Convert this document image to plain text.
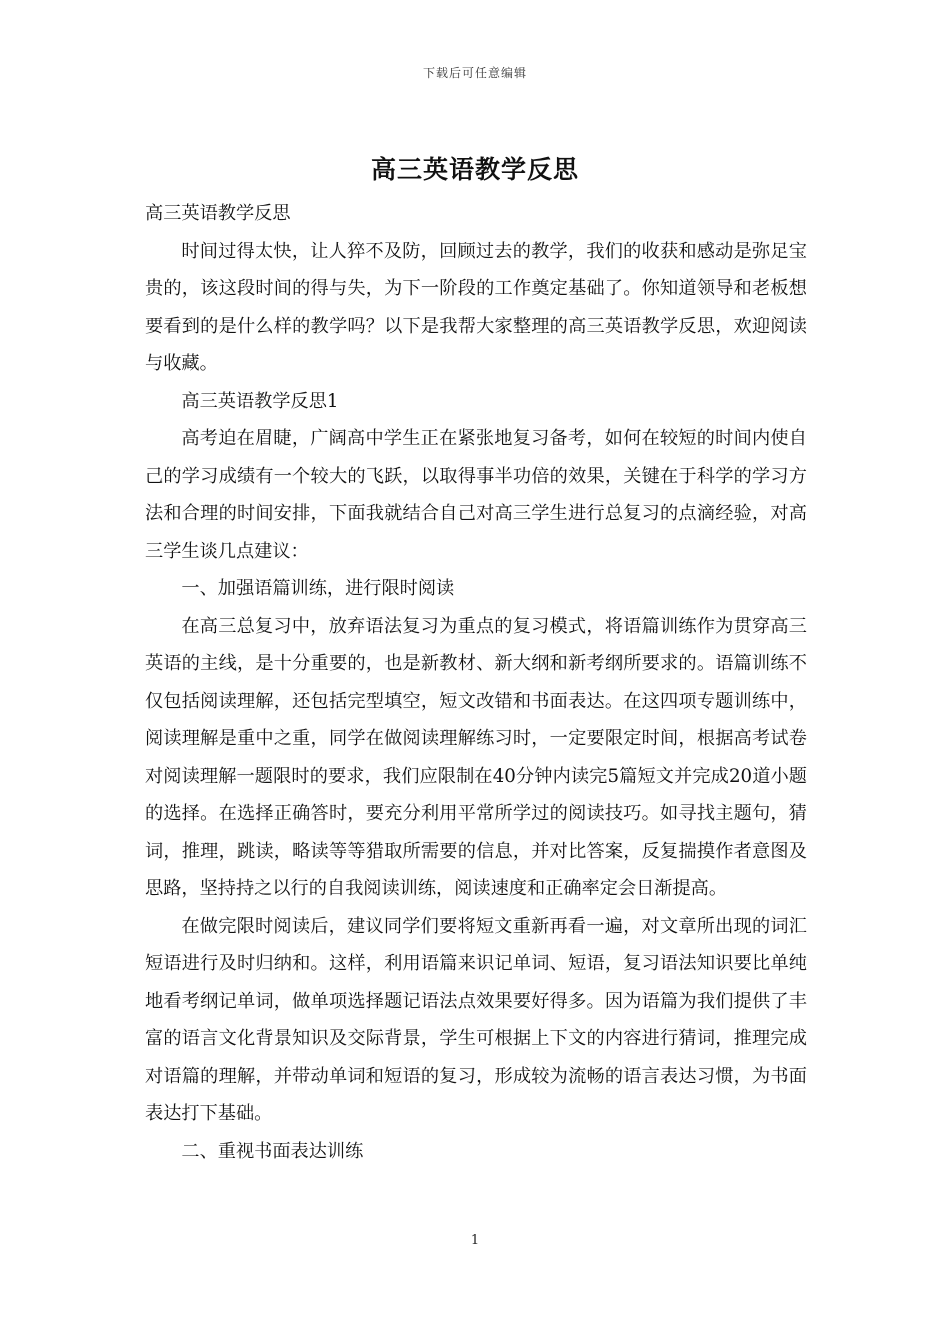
下载后可任意编辑
高三英语教学反思

高三英语教学反思

时间过得太快，让人猝不及防，回顾过去的教学，我们的收获和感动是弥足宝贵的，该这段时间的得与失，为下一阶段的工作奠定基础了。你知道领导和老板想要看到的是什么样的教学吗？以下是我帮大家整理的高三英语教学反思，欢迎阅读与收藏。

高三英语教学反思1

高考迫在眉睫，广阔高中学生正在紧张地复习备考，如何在较短的时间内使自己的学习成绩有一个较大的飞跃，以取得事半功倍的效果，关键在于科学的学习方法和合理的时间安排，下面我就结合自己对高三学生进行总复习的点滴经验，对高三学生谈几点建议：

一、加强语篇训练，进行限时阅读

在高三总复习中，放弃语法复习为重点的复习模式，将语篇训练作为贯穿高三英语的主线，是十分重要的，也是新教材、新大纲和新考纲所要求的。语篇训练不仅包括阅读理解，还包括完型填空，短文改错和书面表达。在这四项专题训练中，阅读理解是重中之重，同学在做阅读理解练习时，一定要限定时间，根据高考试卷对阅读理解一题限时的要求，我们应限制在40分钟内读完5篇短文并完成20道小题的选择。在选择正确答时，要充分利用平常所学过的阅读技巧。如寻找主题句，猜词，推理，跳读，略读等等猎取所需要的信息，并对比答案，反复揣摸作者意图及思路，坚持持之以行的自我阅读训练，阅读速度和正确率定会日渐提高。

在做完限时阅读后，建议同学们要将短文重新再看一遍，对文章所出现的词汇短语进行及时归纳和。这样，利用语篇来识记单词、短语，复习语法知识要比单纯地看考纲记单词，做单项选择题记语法点效果要好得多。因为语篇为我们提供了丰富的语言文化背景知识及交际背景，学生可根据上下文的内容进行猜词，推理完成对语篇的理解，并带动单词和短语的复习，形成较为流畅的语言表达习惯，为书面表达打下基础。

二、重视书面表达训练

1
